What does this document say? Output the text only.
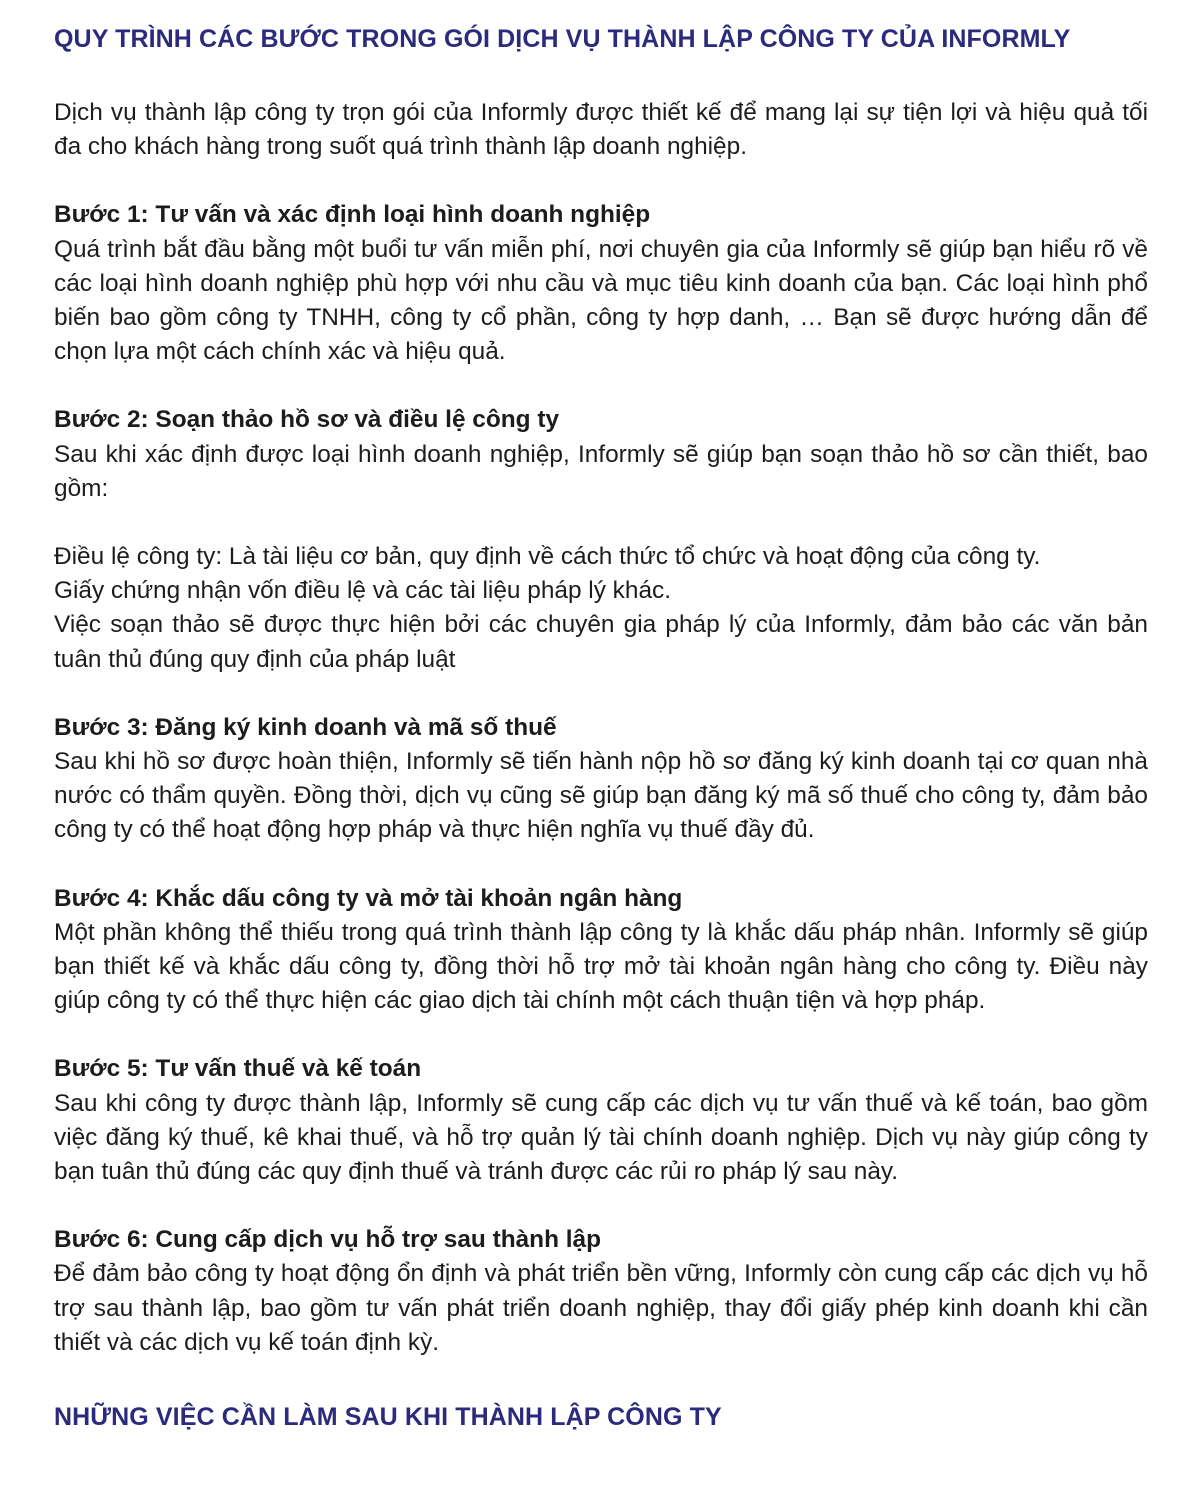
QUY TRÌNH CÁC BƯỚC TRONG GÓI DỊCH VỤ THÀNH LẬP CÔNG TY CỦA INFORMLY

Dịch vụ thành lập công ty trọn gói của Informly được thiết kế để mang lại sự tiện lợi và hiệu quả tối đa cho khách hàng trong suốt quá trình thành lập doanh nghiệp.

Bước 1: Tư vấn và xác định loại hình doanh nghiệp

Quá trình bắt đầu bằng một buổi tư vấn miễn phí, nơi chuyên gia của Informly sẽ giúp bạn hiểu rõ về các loại hình doanh nghiệp phù hợp với nhu cầu và mục tiêu kinh doanh của bạn. Các loại hình phổ biến bao gồm công ty TNHH, công ty cổ phần, công ty hợp danh, … Bạn sẽ được hướng dẫn để chọn lựa một cách chính xác và hiệu quả.

Bước 2: Soạn thảo hồ sơ và điều lệ công ty

Sau khi xác định được loại hình doanh nghiệp, Informly sẽ giúp bạn soạn thảo hồ sơ cần thiết, bao gồm:

Điều lệ công ty: Là tài liệu cơ bản, quy định về cách thức tổ chức và hoạt động của công ty.

Giấy chứng nhận vốn điều lệ và các tài liệu pháp lý khác.

Việc soạn thảo sẽ được thực hiện bởi các chuyên gia pháp lý của Informly, đảm bảo các văn bản tuân thủ đúng quy định của pháp luật

Bước 3: Đăng ký kinh doanh và mã số thuế

Sau khi hồ sơ được hoàn thiện, Informly sẽ tiến hành nộp hồ sơ đăng ký kinh doanh tại cơ quan nhà nước có thẩm quyền. Đồng thời, dịch vụ cũng sẽ giúp bạn đăng ký mã số thuế cho công ty, đảm bảo công ty có thể hoạt động hợp pháp và thực hiện nghĩa vụ thuế đầy đủ.

Bước 4: Khắc dấu công ty và mở tài khoản ngân hàng

Một phần không thể thiếu trong quá trình thành lập công ty là khắc dấu pháp nhân. Informly sẽ giúp bạn thiết kế và khắc dấu công ty, đồng thời hỗ trợ mở tài khoản ngân hàng cho công ty. Điều này giúp công ty có thể thực hiện các giao dịch tài chính một cách thuận tiện và hợp pháp.

Bước 5: Tư vấn thuế và kế toán

Sau khi công ty được thành lập, Informly sẽ cung cấp các dịch vụ tư vấn thuế và kế toán, bao gồm việc đăng ký thuế, kê khai thuế, và hỗ trợ quản lý tài chính doanh nghiệp. Dịch vụ này giúp công ty bạn tuân thủ đúng các quy định thuế và tránh được các rủi ro pháp lý sau này.

Bước 6: Cung cấp dịch vụ hỗ trợ sau thành lập

Để đảm bảo công ty hoạt động ổn định và phát triển bền vững, Informly còn cung cấp các dịch vụ hỗ trợ sau thành lập, bao gồm tư vấn phát triển doanh nghiệp, thay đổi giấy phép kinh doanh khi cần thiết và các dịch vụ kế toán định kỳ.

NHỮNG VIỆC CẦN LÀM SAU KHI THÀNH LẬP CÔNG TY
